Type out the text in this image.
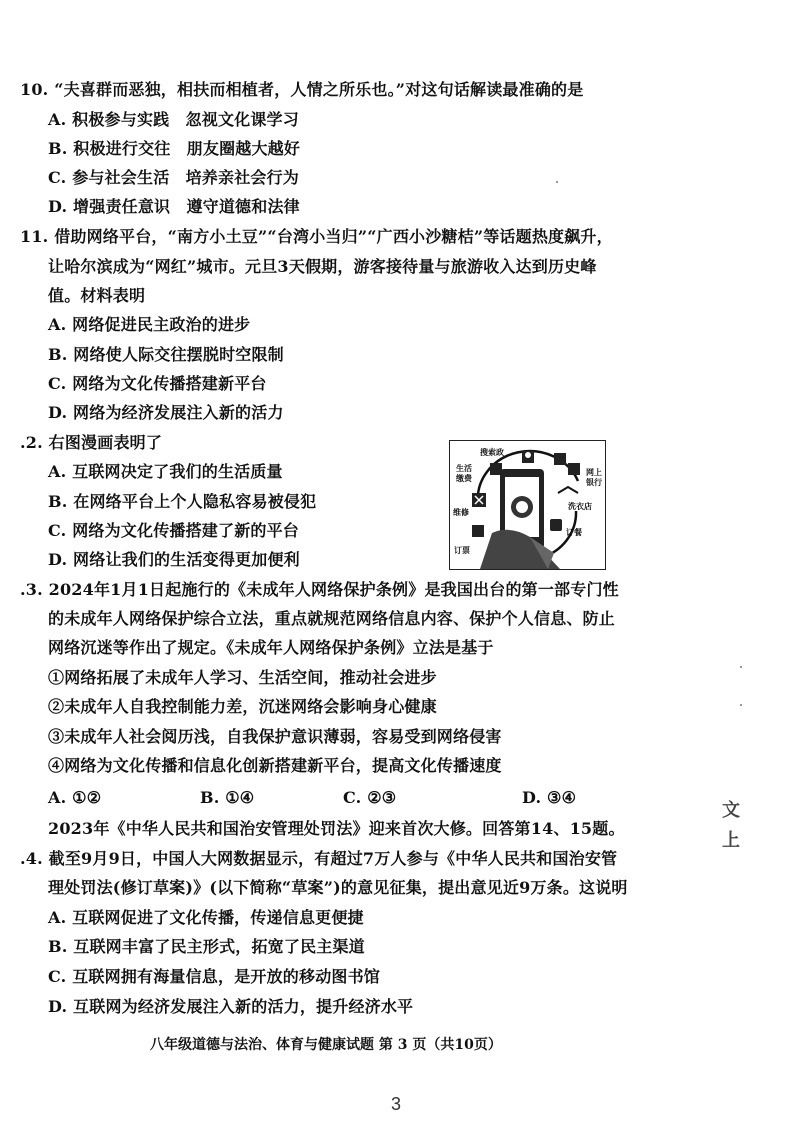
10. “夫喜群而恶独，相扶而相植者，人情之所乐也。”对这句话解读最准确的是
A. 积极参与实践　忽视文化课学习
B. 积极进行交往　朋友圈越大越好
C. 参与社会生活　培养亲社会行为
D. 增强责任意识　遵守道德和法律
11. 借助网络平台，“南方小土豆”“台湾小当归”“广西小沙糖桔”等话题热度飙升，
让哈尔滨成为“网红”城市。元旦3天假期，游客接待量与旅游收入达到历史峰
值。材料表明
A. 网络促进民主政治的进步
B. 网络使人际交往摆脱时空限制
C. 网络为文化传播搭建新平台
D. 网络为经济发展注入新的活力
.2. 右图漫画表明了
A. 互联网决定了我们的生活质量
B. 在网络平台上个人隐私容易被侵犯
C. 网络为文化传播搭建了新的平台
D. 网络让我们的生活变得更加便利
搜索政
生活
缴费
网上
银行
维修
洗衣店
订餐
订票
.3. 2024年1月1日起施行的《未成年人网络保护条例》是我国出台的第一部专门性
的未成年人网络保护综合立法，重点就规范网络信息内容、保护个人信息、防止
网络沉迷等作出了规定。《未成年人网络保护条例》立法是基于
①网络拓展了未成年人学习、生活空间，推动社会进步
②未成年人自我控制能力差，沉迷网络会影响身心健康
③未成年人社会阅历浅，自我保护意识薄弱，容易受到网络侵害
④网络为文化传播和信息化创新搭建新平台，提高文化传播速度
A. ①②	B. ①④	C. ②③	D. ③④
2023年《中华人民共和国治安管理处罚法》迎来首次大修。回答第14、15题。
.4. 截至9月9日，中国人大网数据显示，有超过7万人参与《中华人民共和国治安管
理处罚法(修订草案)》(以下简称“草案”)的意见征集，提出意见近9万条。这说明
A. 互联网促进了文化传播，传递信息更便捷
B. 互联网丰富了民主形式，拓宽了民主渠道
C. 互联网拥有海量信息，是开放的移动图书馆
D. 互联网为经济发展注入新的活力，提升经济水平
文
上
八年级道德与法治、体育与健康试题 第 3 页（共10页）
3
